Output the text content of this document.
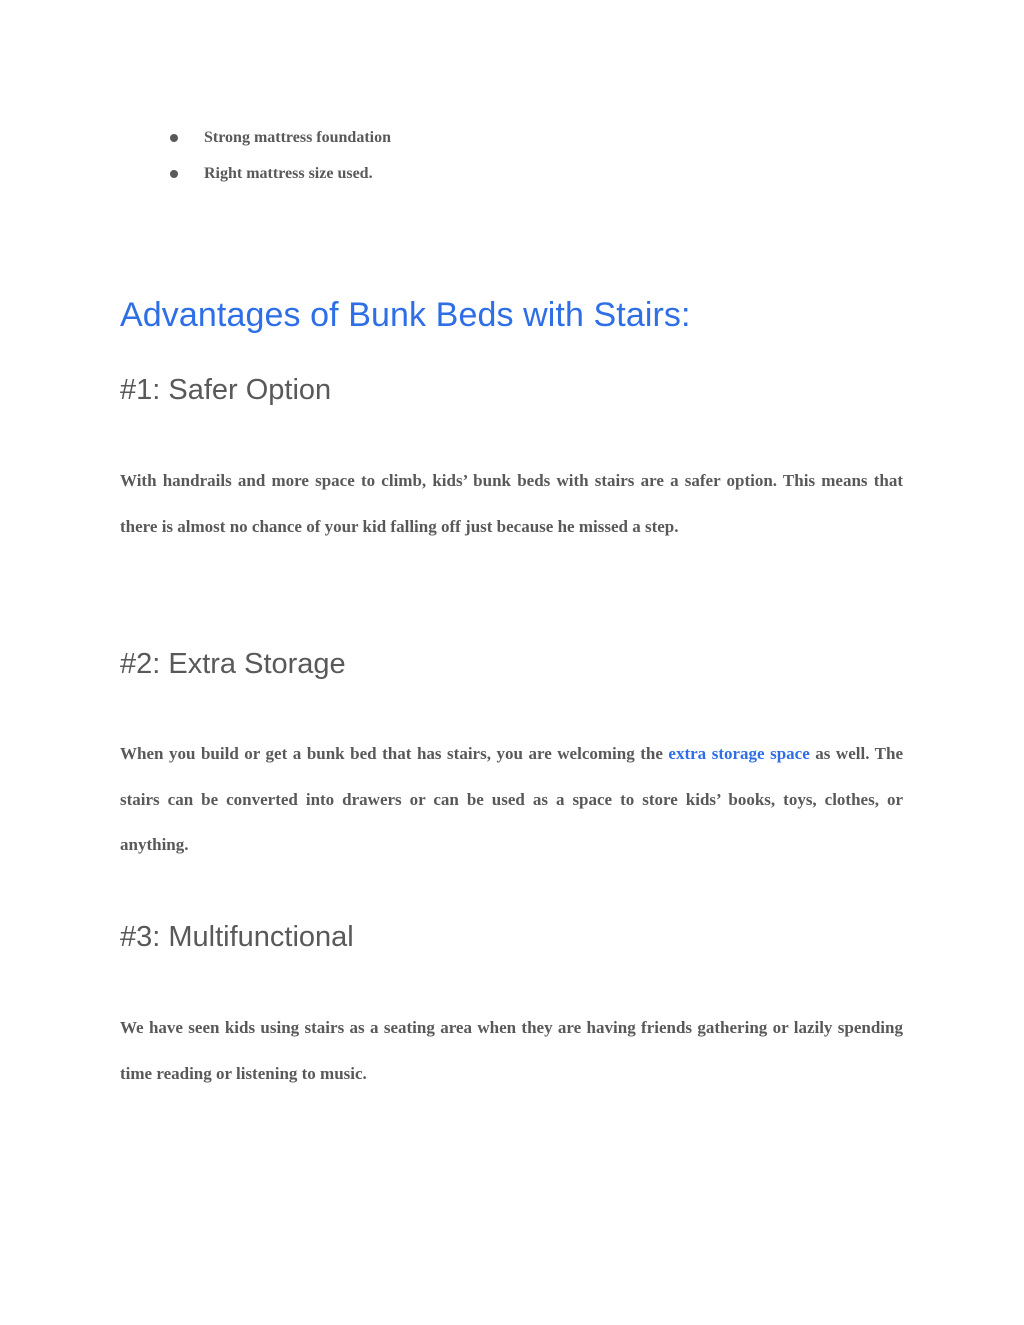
Strong mattress foundation
Right mattress size used.
Advantages of Bunk Beds with Stairs:
#1: Safer Option

With handrails and more space to climb, kids’ bunk beds with stairs are a safer option. This means that there is almost no chance of your kid falling off just because he missed a step.

#2: Extra Storage

When you build or get a bunk bed that has stairs, you are welcoming the extra storage space as well. The stairs can be converted into drawers or can be used as a space to store kids’ books, toys, clothes, or anything.

#3: Multifunctional

We have seen kids using stairs as a seating area when they are having friends gathering or lazily spending time reading or listening to music.
